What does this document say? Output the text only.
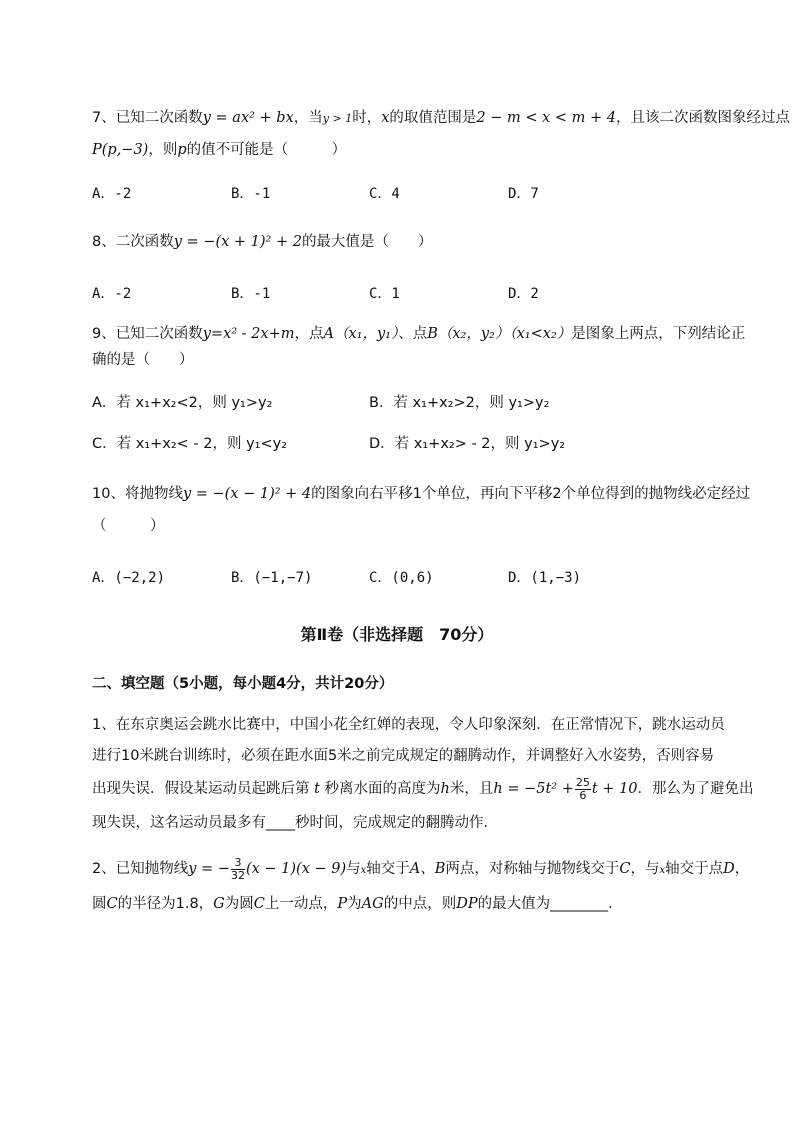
7、已知二次函数y = ax² + bx，当y > 1时，x的取值范围是2 − m < x < m + 4，且该二次函数图象经过点
P(p,−3)，则p的值不可能是（　　　）
A．-2	B．-1	C．4	D．7
8、二次函数y = −(x + 1)² + 2的最大值是（　　）
A．-2	B．-1	C．1	D．2
9、已知二次函数y=x² - 2x+m，点A（x₁，y₁）、点B（x₂，y₂）（x₁<x₂）是图象上两点，下列结论正
确的是（　　）
A．若 x₁+x₂<2，则 y₁>y₂	B．若 x₁+x₂>2，则 y₁>y₂
C．若 x₁+x₂< - 2，则 y₁<y₂	D．若 x₁+x₂> - 2，则 y₁>y₂
10、将抛物线y = −(x − 1)² + 4的图象向右平移1个单位，再向下平移2个单位得到的抛物线必定经过
（　　　）
A．(−2,2)	B．(−1,−7)	C．(0,6)	D．(1,−3)
第Ⅱ卷（非选择题　70分）
二、填空题（5小题，每小题4分，共计20分）
1、在东京奥运会跳水比赛中，中国小花全红婵的表现，令人印象深刻．在正常情况下，跳水运动员
进行10米跳台训练时，必须在距水面5米之前完成规定的翻腾动作，并调整好入水姿势，否则容易
出现失误．假设某运动员起跳后第 t 秒离水面的高度为h米，且$h = -5t^2 + \frac{25}{6}$ t + 10．那么为了避免出
现失误，这名运动员最多有____秒时间，完成规定的翻腾动作．
2、已知抛物线y = − $\frac{3}{32} (x - 1)(x - 9)$与x轴交于A、B两点，对称轴与抛物线交于C，与x轴交于点D，
圆C的半径为1.8，G为圆C上一动点，P为AG的中点，则DP的最大值为________．
